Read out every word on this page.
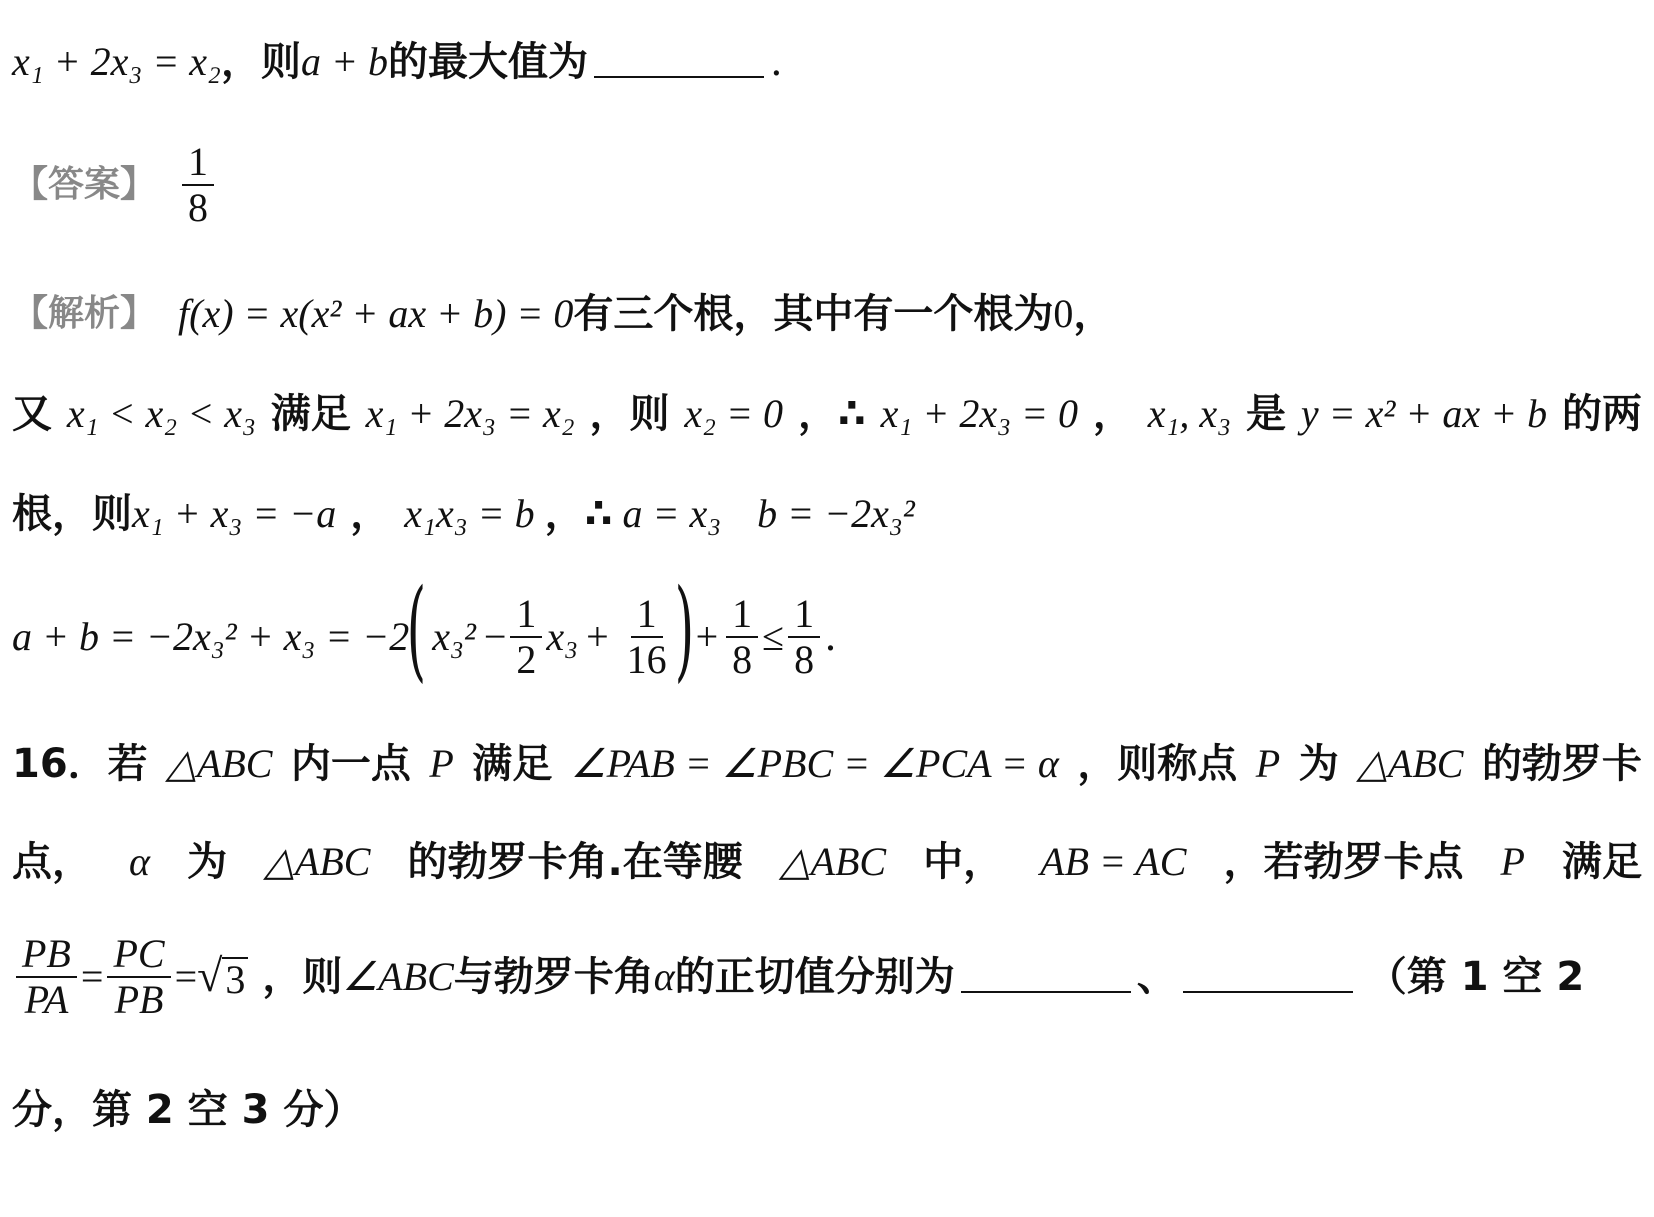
x₁ + 2x₃ = x₂ ，则 a + b 的最大值为	.
【答案】 $\frac{1}{8}$
【解析】 f(x) = x(x² + ax + b) = 0 有三个根，其中有一个根为 0 ，
又 x₁ < x₂ < x₃ 满足 x₁ + 2x₃ = x₂ ，则 x₂ = 0 ，∴ x₁ + 2x₃ = 0 ， x₁, x₃ 是 y = x² + ax + b 的两
根，则 x₁ + x₃ = −a ， x₁x₃ = b ，∴ a = x₃ b = −2x₃²
a + b = −2x₃² + x₃ = −2
( $x_3^2 - \frac{1}{2} x_3 + \frac{1}{16}$ ) + $\frac{1}{8} \le \frac{1}{8}$ .
16．若 △ABC 内一点 P 满足 ∠PAB = ∠PBC = ∠PCA = α ，则称点 P 为 △ABC 的勃罗卡
点， α 为 △ABC 的勃罗卡角.在等腰 △ABC 中， AB = AC ，若勃罗卡点 P 满足
$\frac{PB}{PA} = \frac{PC}{PB}$ = √ 3 ，则 ∠ABC 与勃罗卡角 α 的正切值分别为	、	（第 1 空 2
分，第 2 空 3 分）
